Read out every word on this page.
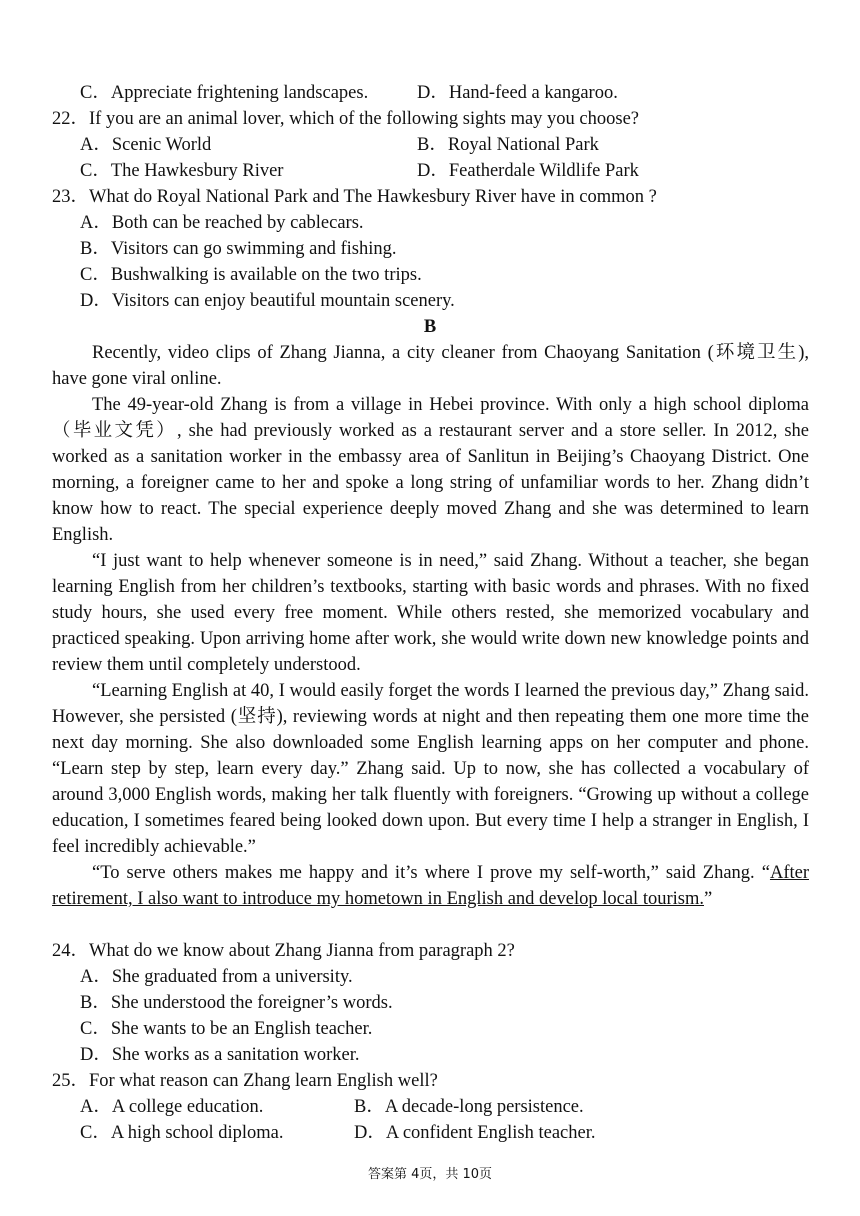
C．Appreciate frightening landscapes.	D．Hand-feed a kangaroo.
22．If you are an animal lover, which of the following sights may you choose?
A．Scenic World	B．Royal National Park
C．The Hawkesbury River	D．Featherdale Wildlife Park
23．What do Royal National Park and The Hawkesbury River have in common ?
A．Both can be reached by cablecars.
B．Visitors can go swimming and fishing.
C．Bushwalking is available on the two trips.
D．Visitors can enjoy beautiful mountain scenery.
B
Recently, video clips of Zhang Jianna, a city cleaner from Chaoyang Sanitation (环境卫生), have gone viral online.
The 49-year-old Zhang is from a village in Hebei province. With only a high school diploma（毕业文凭）, she had previously worked as a restaurant server and a store seller. In 2012, she worked as a sanitation worker in the embassy area of Sanlitun in Beijing’s Chaoyang District. One morning, a foreigner came to her and spoke a long string of unfamiliar words to her. Zhang didn’t know how to react. The special experience deeply moved Zhang and she was determined to learn English.
“I just want to help whenever someone is in need,” said Zhang. Without a teacher, she began learning English from her children’s textbooks, starting with basic words and phrases. With no fixed study hours, she used every free moment. While others rested, she memorized vocabulary and practiced speaking. Upon arriving home after work, she would write down new knowledge points and review them until completely understood.
“Learning English at 40, I would easily forget the words I learned the previous day,” Zhang said. However, she persisted (坚持), reviewing words at night and then repeating them one more time the next day morning. She also downloaded some English learning apps on her computer and phone. “Learn step by step, learn every day.” Zhang said. Up to now, she has collected a vocabulary of around 3,000 English words, making her talk fluently with foreigners. “Growing up without a college education, I sometimes feared being looked down upon. But every time I help a stranger in English, I feel incredibly achievable.”
“To serve others makes me happy and it’s where I prove my self-worth,” said Zhang. “After retirement, I also want to introduce my hometown in English and develop local tourism.”
24．What do we know about Zhang Jianna from paragraph 2?
A．She graduated from a university.
B．She understood the foreigner’s words.
C．She wants to be an English teacher.
D．She works as a sanitation worker.
25．For what reason can Zhang learn English well?
A．A college education.	B．A decade-long persistence.
C．A high school diploma.	D．A confident English teacher.
答案第 4页，共 10页
